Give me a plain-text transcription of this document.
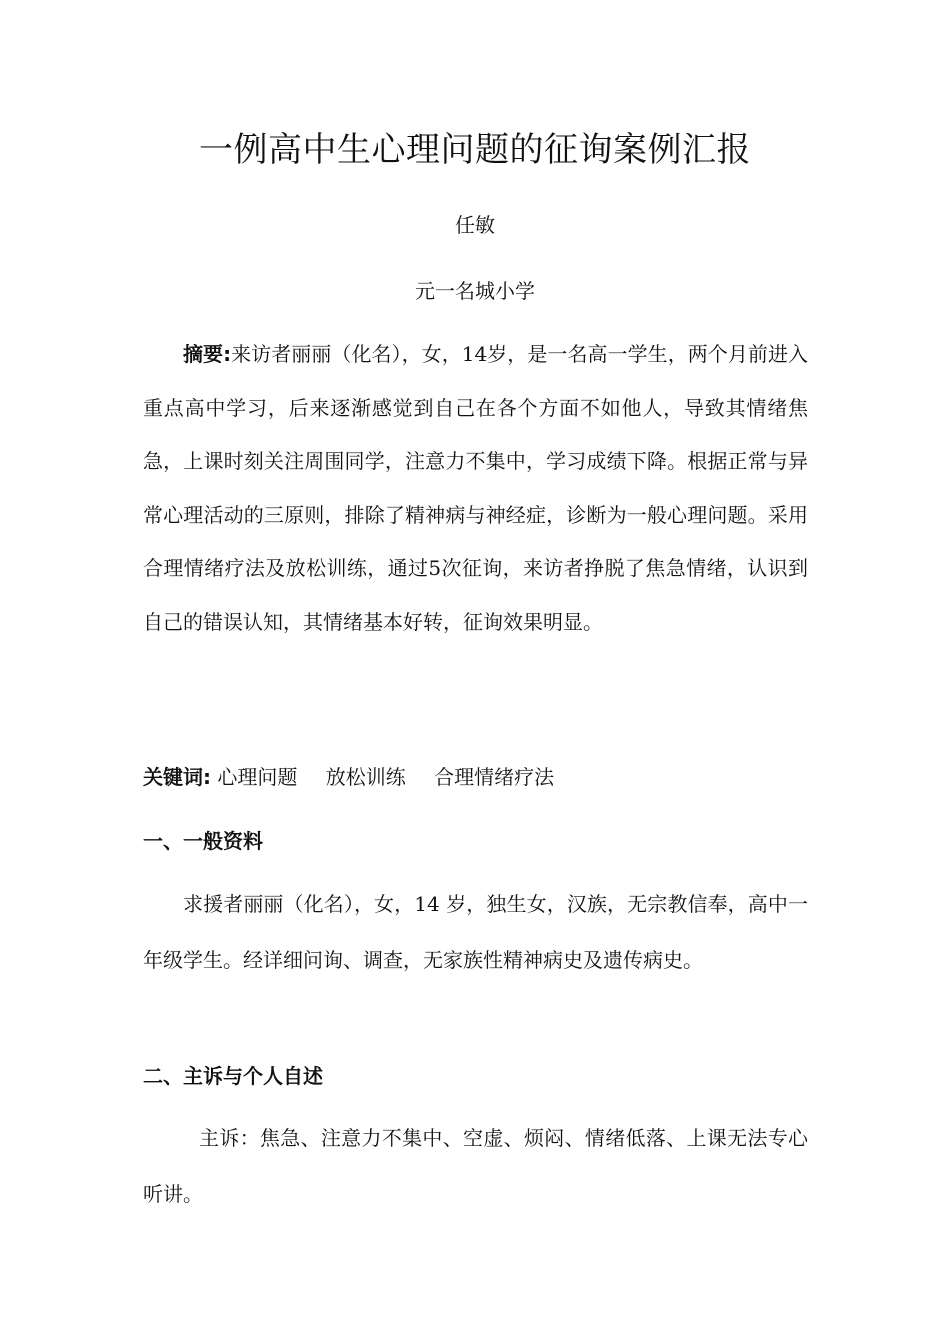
一例高中生心理问题的征询案例汇报
任敏
元一名城小学
摘要:来访者丽丽（化名），女，14岁，是一名高一学生，两个月前进入重点高中学习，后来逐渐感觉到自己在各个方面不如他人，导致其情绪焦急，上课时刻关注周围同学，注意力不集中，学习成绩下降。根据正常与异常心理活动的三原则，排除了精神病与神经症，诊断为一般心理问题。采用合理情绪疗法及放松训练，通过5次征询，来访者挣脱了焦急情绪，认识到自己的错误认知，其情绪基本好转，征询效果明显。
关键词: 心理问题 放松训练 合理情绪疗法
一、一般资料
求援者丽丽（化名），女，14 岁，独生女，汉族，无宗教信奉，高中一年级学生。经详细问询、调查，无家族性精神病史及遗传病史。
二、主诉与个人自述
主诉：焦急、注意力不集中、空虚、烦闷、情绪低落、上课无法专心听讲。
